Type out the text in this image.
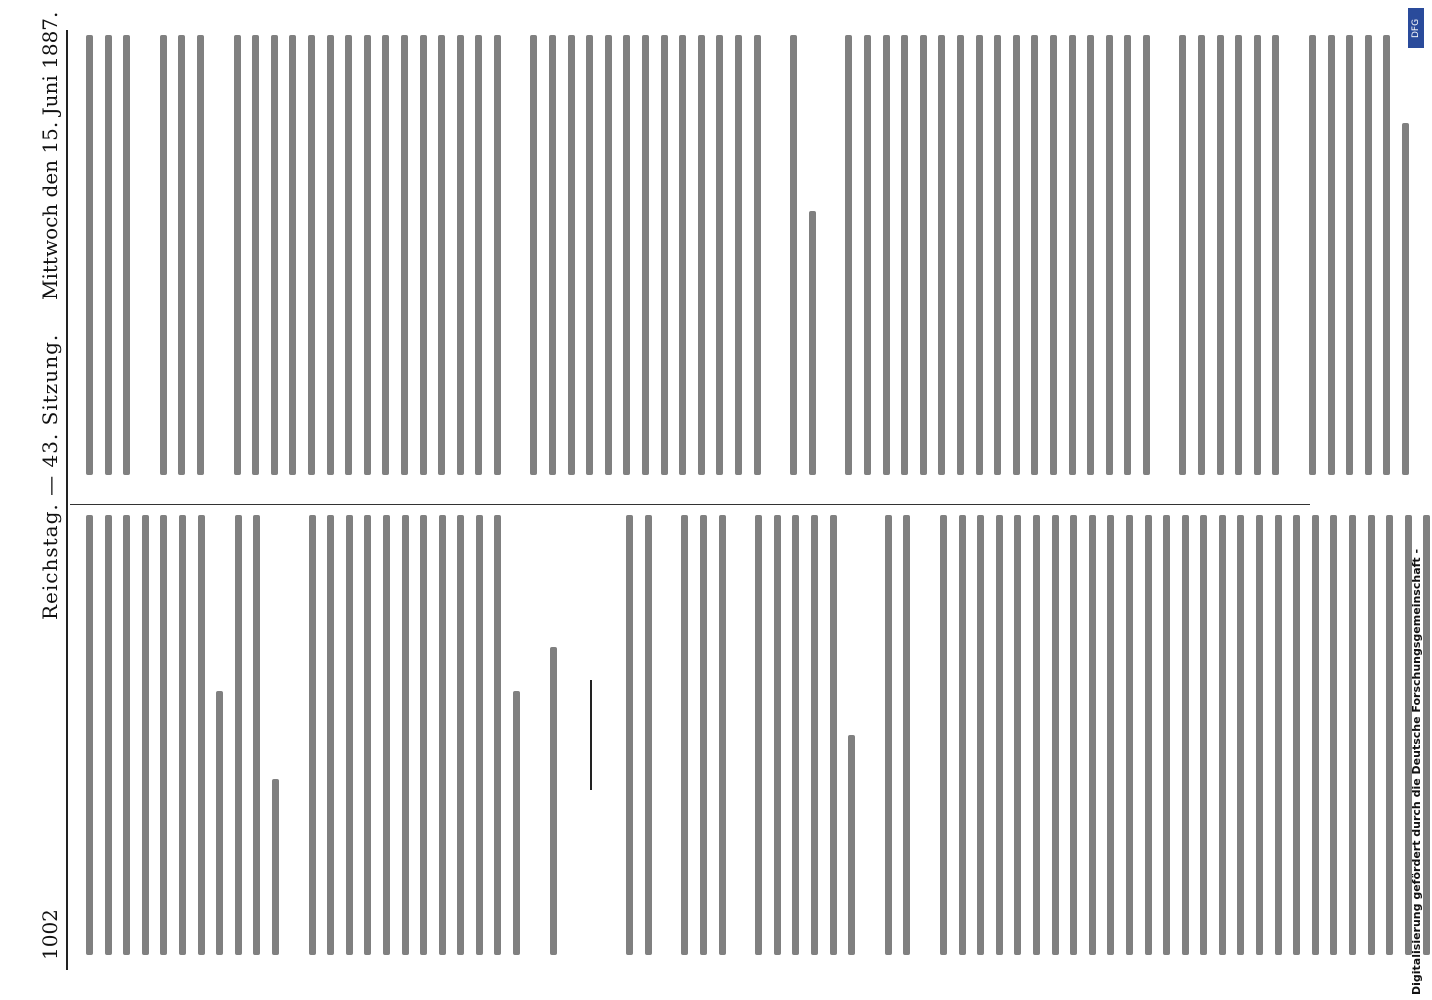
1002
Reichstag. — 43. Sitzung.
Mittwoch den 15. Juni 1887.
Digitalisierung gefördert durch die Deutsche Forschungsgemeinschaft -
DFG
